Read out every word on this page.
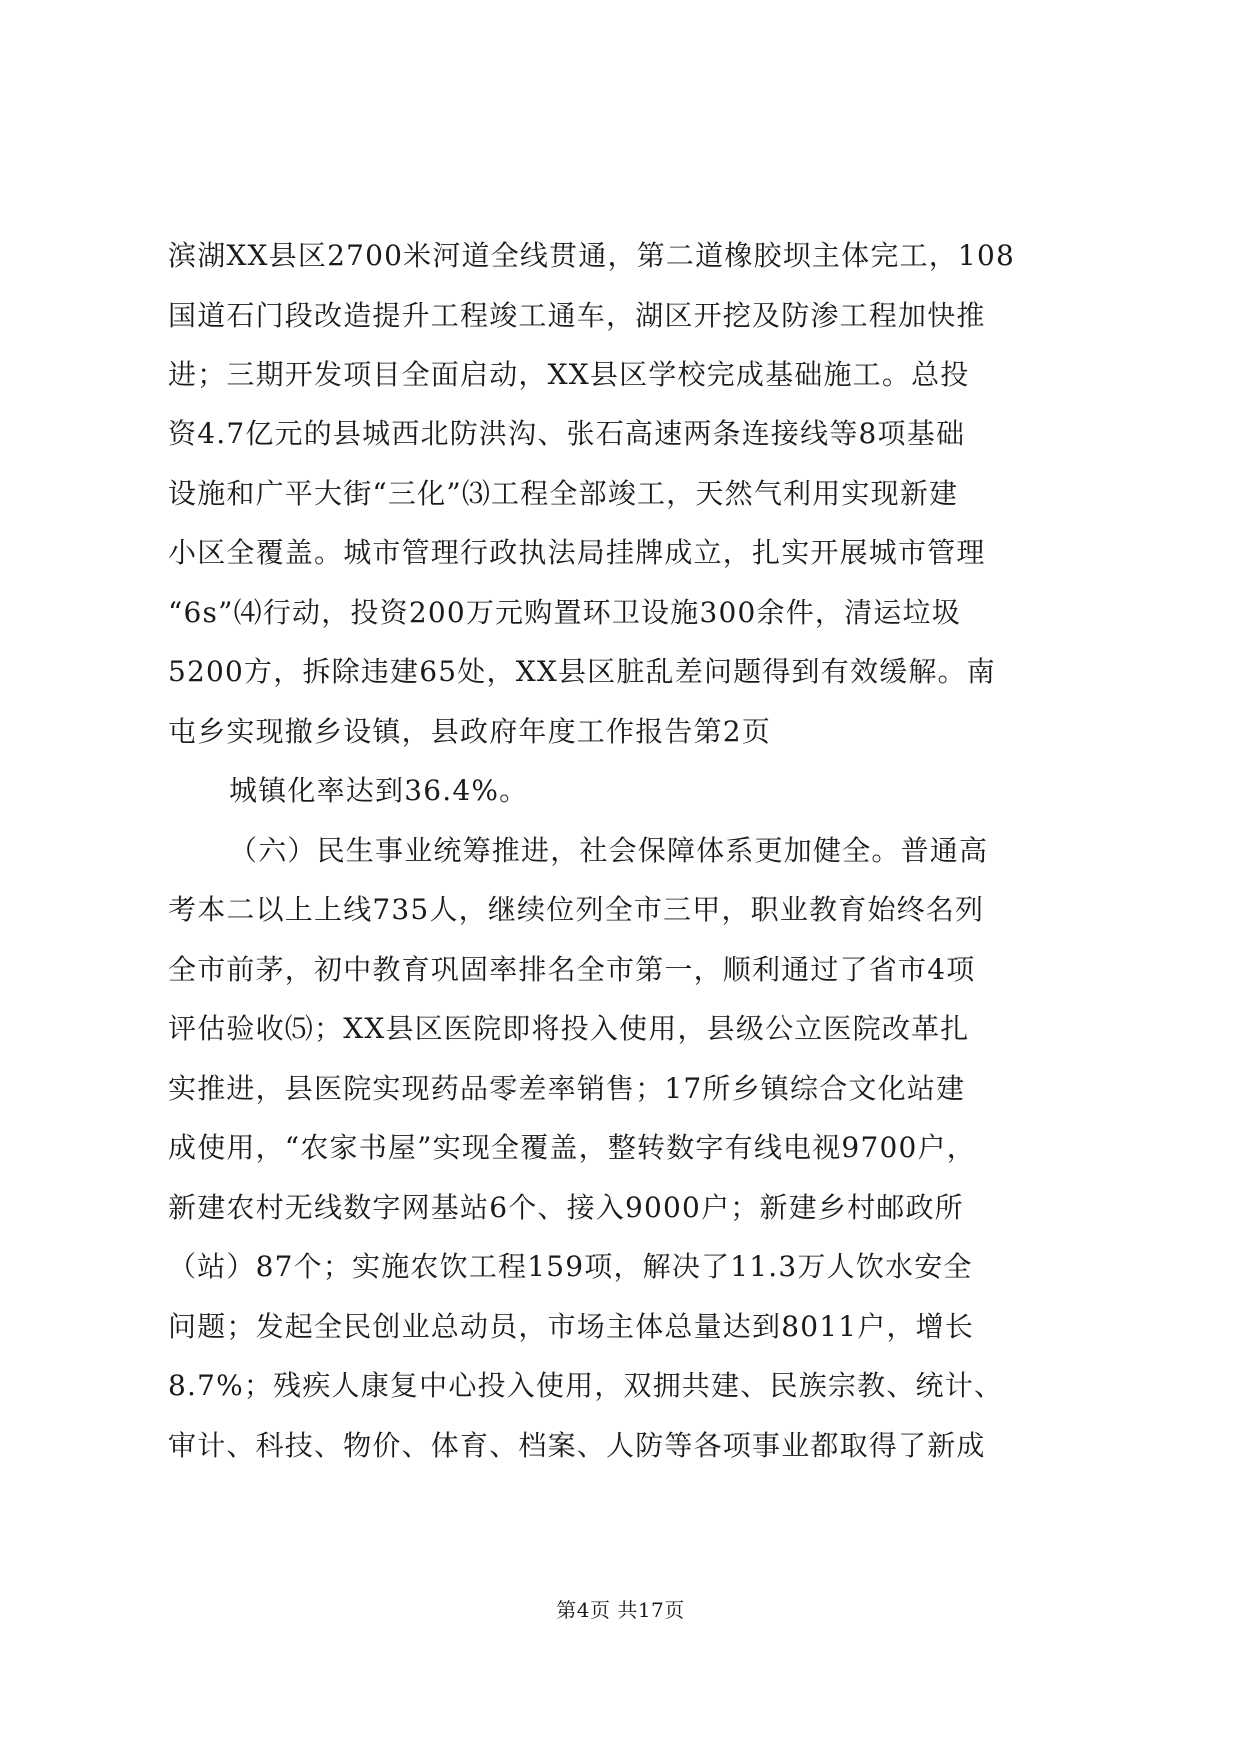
滨湖XX县区2700米河道全线贯通，第二道橡胶坝主体完工，108
国道石门段改造提升工程竣工通车，湖区开挖及防渗工程加快推
进；三期开发项目全面启动，XX县区学校完成基础施工。总投
资4.7亿元的县城西北防洪沟、张石高速两条连接线等8项基础
设施和广平大街“三化”⑶工程全部竣工，天然气利用实现新建
小区全覆盖。城市管理行政执法局挂牌成立，扎实开展城市管理
“6s”⑷行动，投资200万元购置环卫设施300余件，清运垃圾
5200方，拆除违建65处，XX县区脏乱差问题得到有效缓解。南
屯乡实现撤乡设镇，县政府年度工作报告第2页
城镇化率达到36.4%。
（六）民生事业统筹推进，社会保障体系更加健全。普通高
考本二以上上线735人，继续位列全市三甲，职业教育始终名列
全市前茅，初中教育巩固率排名全市第一，顺利通过了省市4项
评估验收⑸；XX县区医院即将投入使用，县级公立医院改革扎
实推进，县医院实现药品零差率销售；17所乡镇综合文化站建
成使用，“农家书屋”实现全覆盖，整转数字有线电视9700户，
新建农村无线数字网基站6个、接入9000户；新建乡村邮政所
（站）87个；实施农饮工程159项，解决了11.3万人饮水安全
问题；发起全民创业总动员，市场主体总量达到8011户，增长
8.7%；残疾人康复中心投入使用，双拥共建、民族宗教、统计、
审计、科技、物价、体育、档案、人防等各项事业都取得了新成
第4页 共17页
